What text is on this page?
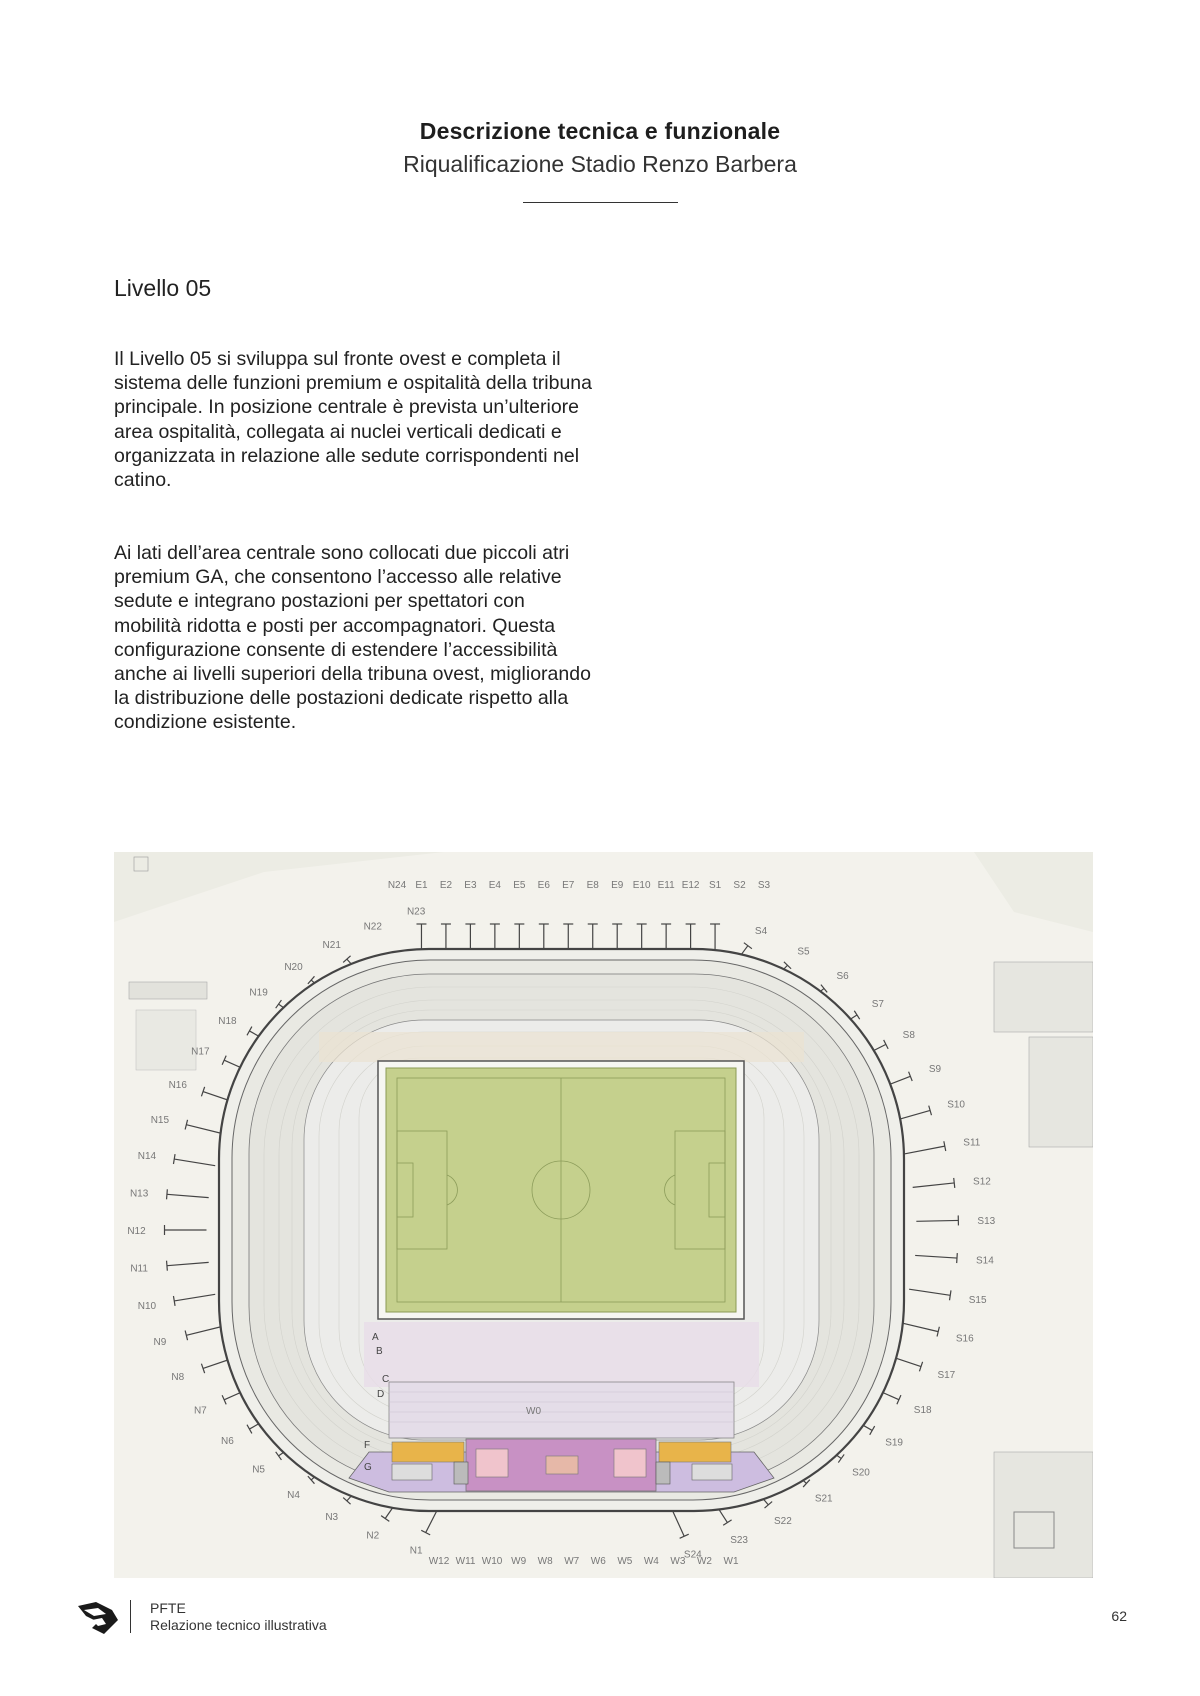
Descrizione tecnica e funzionale
Riqualificazione Stadio Renzo Barbera
Livello 05
Il Livello 05 si sviluppa sul fronte ovest e completa il sistema delle funzioni premium e ospitalità della tribuna principale. In posizione centrale è prevista un’ulteriore area ospitalità, collegata ai nuclei verticali dedicati e organizzata in relazione alle sedute corrispondenti nel catino.
Ai lati dell’area centrale sono collocati due piccoli atri premium GA, che consentono l’accesso alle relative sedute e integrano postazioni per spettatori con mobilità ridotta e posti per accompagnatori. Questa configurazione consente di estendere l’accessibilità anche ai livelli superiori della tribuna ovest, migliorando la distribuzione delle postazioni dedicate rispetto alla condizione esistente.
W0
A
B
C
D
F
G
N24 E1 E2 E3 E4 E5 E6 E7 E8 E9 E10 E11 E12 S1 S2 S3
N23
N22
N21
N20
N19
N18
N17
N16
N15
N14
N13
N12
N11
N10
N9
N8
N7
N6
N5
N4
N3
N2
N1
S4
S5
S6
S7
S8
S9
S10
S11
S12
S13
S14
S15
S16
S17
S18
S19
S20
S21
S22
S23
S24
W12 W11 W10 W9 W8 W7 W6 W5 W4 W3 W2 W1
PFTE
Relazione tecnico illustrativa
62
